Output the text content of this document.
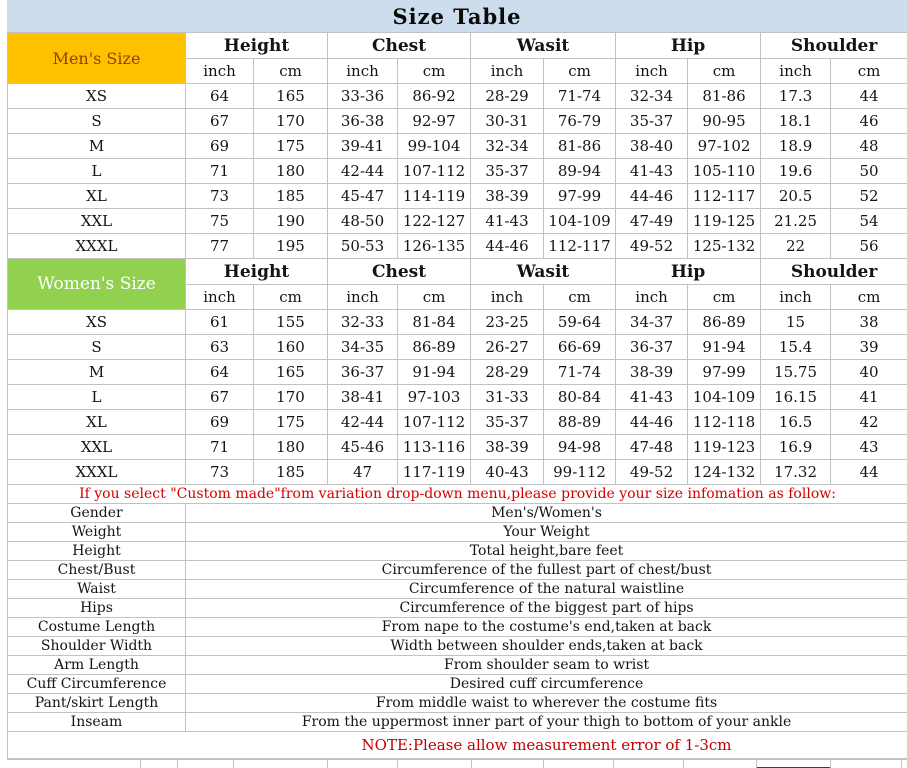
Size Table
Men's Size	Height		Chest		Wasit		Hip		Shoulder	
	inch	cm	inch	cm	inch	cm	inch	cm	inch	cm
XS	64	165	33-36	86-92	28-29	71-74	32-34	81-86	17.3	44
S	67	170	36-38	92-97	30-31	76-79	35-37	90-95	18.1	46
M	69	175	39-41	99-104	32-34	81-86	38-40	97-102	18.9	48
L	71	180	42-44	107-112	35-37	89-94	41-43	105-110	19.6	50
XL	73	185	45-47	114-119	38-39	97-99	44-46	112-117	20.5	52
XXL	75	190	48-50	122-127	41-43	104-109	47-49	119-125	21.25	54
XXXL	77	195	50-53	126-135	44-46	112-117	49-52	125-132	22	56
Women's Size	Height		Chest		Wasit		Hip		Shoulder	
	inch	cm	inch	cm	inch	cm	inch	cm	inch	cm
XS	61	155	32-33	81-84	23-25	59-64	34-37	86-89	15	38
S	63	160	34-35	86-89	26-27	66-69	36-37	91-94	15.4	39
M	64	165	36-37	91-94	28-29	71-74	38-39	97-99	15.75	40
L	67	170	38-41	97-103	31-33	80-84	41-43	104-109	16.15	41
XL	69	175	42-44	107-112	35-37	88-89	44-46	112-118	16.5	42
XXL	71	180	45-46	113-116	38-39	94-98	47-48	119-123	16.9	43
XXXL	73	185	47	117-119	40-43	99-112	49-52	124-132	17.32	44
If you select "Custom made"from variation drop-down menu,please provide your size infomation as follow:										
Gender	Men's/Women's									
Weight	Your Weight									
Height	Total height,bare feet									
Chest/Bust	Circumference of the fullest part of chest/bust									
Waist	Circumference of the natural waistline									
Hips	Circumference of the biggest part of hips									
Costume Length	From nape to the costume's end,taken at back									
Shoulder Width	Width between shoulder ends,taken at back									
Arm Length	From shoulder seam to wrist									
Cuff Circumference	Desired cuff circumference									
Pant/skirt Length	From middle waist to wherever the costume fits									
Inseam	From the uppermost inner part of your thigh to bottom of your ankle									
NOTE:Please allow measurement error of 1-3cm										
